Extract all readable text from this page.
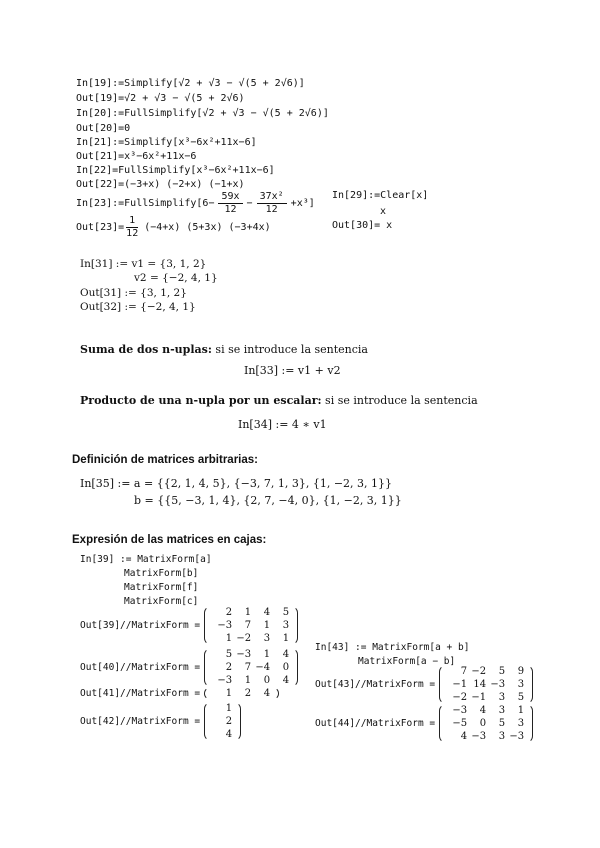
In[19]:=Simplify[√2 + √3 − √(5 + 2√6)]
Out[19]=√2 + √3 − √(5 + 2√6)
In[20]:=FullSimplify[√2 + √3 − √(5 + 2√6)]
Out[20]=0
In[21]:=Simplify[x³−6x²+11x−6]
Out[21]=x³−6x²+11x−6
In[22]=FullSimplify[x³−6x²+11x−6]
Out[22]=(−3+x) (−2+x) (−1+x)
In[23]:=FullSimplify[6− $\frac{59x}{12} - \frac{\text{37x²}}{12} +x^3$]
$Out[23]= \frac{1}{12} (-4+x)$ (5+3x) (−3+4x)
In[29]:=Clear[x]
x
Out[30]= x
In[31] := v1 = {3, 1, 2}
v2 = {−2, 4, 1}
Out[31] := {3, 1, 2}
Out[32] := {−2, 4, 1}
Suma de dos n-uplas: si se introduce la sentencia
In[33] := v1 + v2
Producto de una n-upla por un escalar: si se introduce la sentencia
In[34] := 4 ∗ v1
Definición de matrices arbitrarias:
In[35] := a = {{2, 1, 4, 5}, {−3, 7, 1, 3}, {1, −2, 3, 1}}
b = {{5, −3, 1, 4}, {2, 7, −4, 0}, {1, −2, 3, 1}}
Expresión de las matrices en cajas:
In[39] := MatrixForm[a]
MatrixForm[b]
MatrixForm[f]
MatrixForm[c]
Out[39]//MatrixForm =
2	1	4	5
−3	7	1	3
1 −2	3	1
Out[40]//MatrixForm =
5 −3	1	4
2	7 −4	0
−3	1	0	4
Out[41]//MatrixForm =	1	2	4
Out[42]//MatrixForm =
1
2
4
In[43] := MatrixForm[a + b]
MatrixForm[a − b]
Out[43]//MatrixForm =
7 −2	5	9
−1 14 −3	3
−2 −1	3	5
Out[44]//MatrixForm =
−3	4	3	1
−5	0	5	3
4 −3	3 −3
